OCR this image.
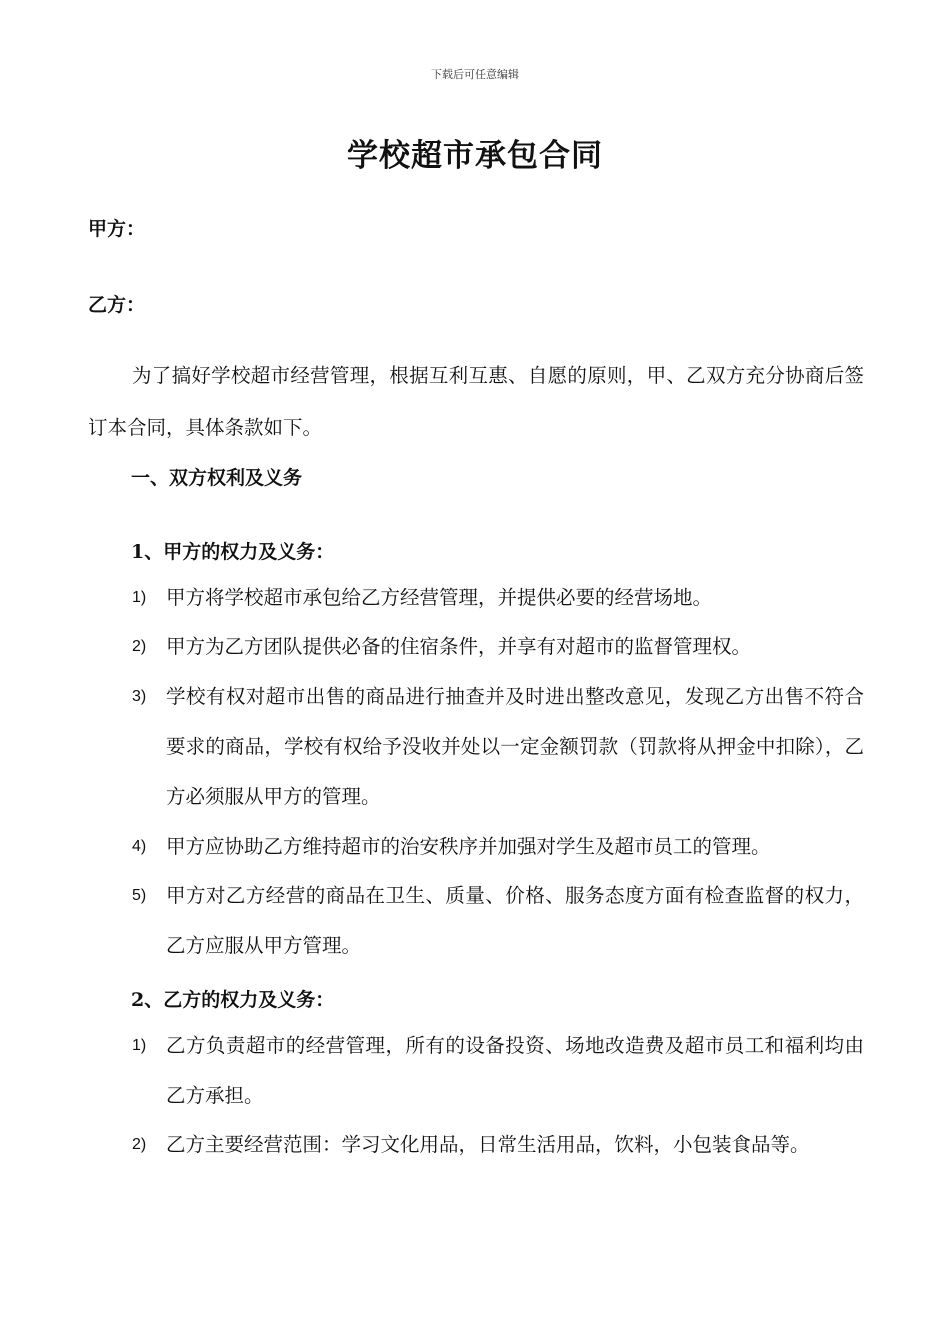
下载后可任意编辑
学校超市承包合同
甲方：
乙方：
为了搞好学校超市经营管理，根据互利互惠、自愿的原则，甲、乙双方充分协商后签订本合同，具体条款如下。
一、双方权利及义务
1、甲方的权力及义务：
1)	甲方将学校超市承包给乙方经营管理，并提供必要的经营场地。
2)	甲方为乙方团队提供必备的住宿条件，并享有对超市的监督管理权。
3)	学校有权对超市出售的商品进行抽查并及时进出整改意见，发现乙方出售不符合要求的商品，学校有权给予没收并处以一定金额罚款（罚款将从押金中扣除），乙方必须服从甲方的管理。
4)	甲方应协助乙方维持超市的治安秩序并加强对学生及超市员工的管理。
5)	甲方对乙方经营的商品在卫生、质量、价格、服务态度方面有检查监督的权力，乙方应服从甲方管理。
2、乙方的权力及义务：
1)	乙方负责超市的经营管理，所有的设备投资、场地改造费及超市员工和福利均由乙方承担。
2)	乙方主要经营范围：学习文化用品，日常生活用品，饮料，小包装食品等。
